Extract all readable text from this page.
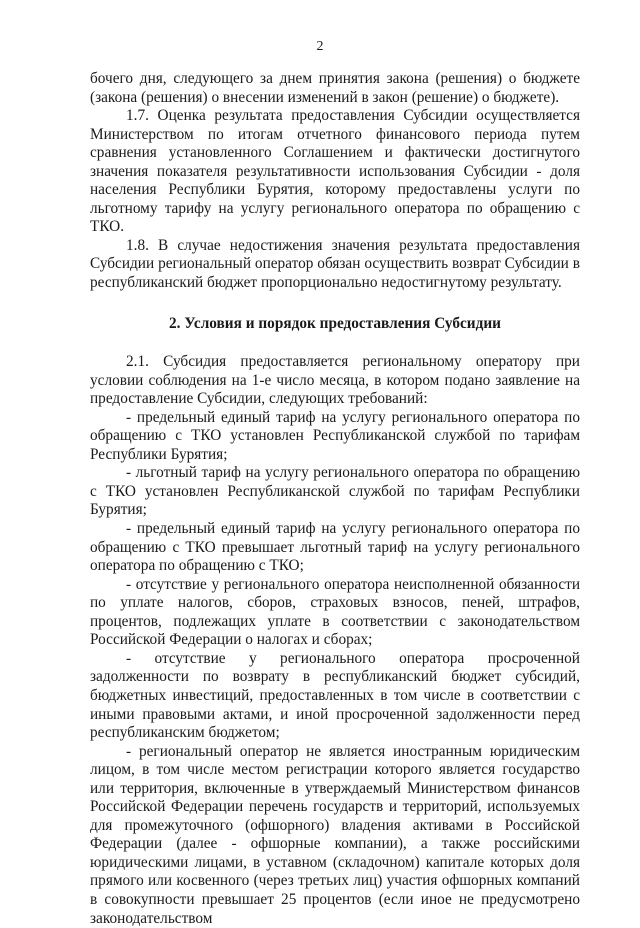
2

бочего дня, следующего за днем принятия закона (решения) о бюджете (закона (решения) о внесении изменений в закон (решение) о бюджете).

1.7. Оценка результата предоставления Субсидии осуществляется Министерством по итогам отчетного финансового периода путем сравнения установленного Соглашением и фактически достигнутого значения показателя результативности использования Субсидии - доля населения Республики Бурятия, которому предоставлены услуги по льготному тарифу на услугу регионального оператора по обращению с ТКО.

1.8. В случае недостижения значения результата предоставления Субсидии региональный оператор обязан осуществить возврат Субсидии в республиканский бюджет пропорционально недостигнутому результату.

2. Условия и порядок предоставления Субсидии

2.1. Субсидия предоставляется региональному оператору при условии соблюдения на 1-е число месяца, в котором подано заявление на предоставление Субсидии, следующих требований:

- предельный единый тариф на услугу регионального оператора по обращению с ТКО установлен Республиканской службой по тарифам Республики Бурятия;

- льготный тариф на услугу регионального оператора по обращению с ТКО установлен Республиканской службой по тарифам Республики Бурятия;

- предельный единый тариф на услугу регионального оператора по обращению с ТКО превышает льготный тариф на услугу регионального оператора по обращению с ТКО;

- отсутствие у регионального оператора неисполненной обязанности по уплате налогов, сборов, страховых взносов, пеней, штрафов, процентов, подлежащих уплате в соответствии с законодательством Российской Федерации о налогах и сборах;

- отсутствие у регионального оператора просроченной задолженности по возврату в республиканский бюджет субсидий, бюджетных инвестиций, предоставленных в том числе в соответствии с иными правовыми актами, и иной просроченной задолженности перед республиканским бюджетом;

- региональный оператор не является иностранным юридическим лицом, в том числе местом регистрации которого является государство или территория, включенные в утверждаемый Министерством финансов Российской Федерации перечень государств и территорий, используемых для промежуточного (офшорного) владения активами в Российской Федерации (далее - офшорные компании), а также российскими юридическими лицами, в уставном (складочном) капитале которых доля прямого или косвенного (через третьих лиц) участия офшорных компаний в совокупности превышает 25 процентов (если иное не предусмотрено законодательством
